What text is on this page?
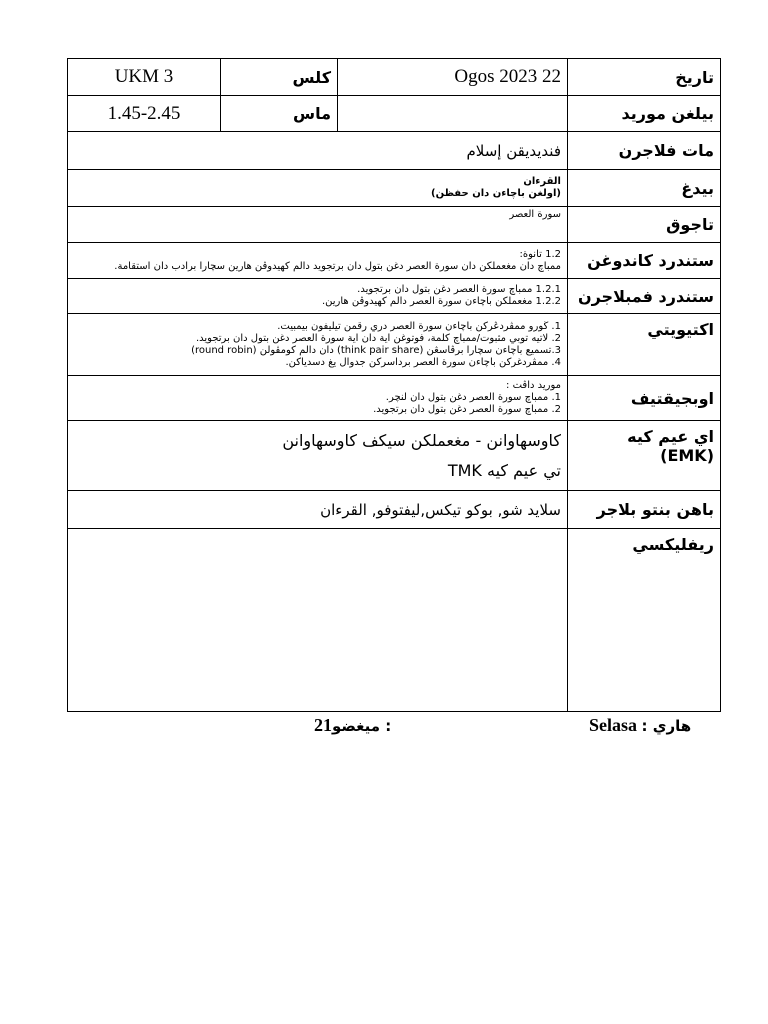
UKM 3	كلس	Ogos 2023 22	تاريخ
1.45-2.45	ماس		بيلغن موريد
فنديديقن إسلام			مات فلاجرن

القرءان
(اولغن باچاءن دان حفظن)			بيدغ
سورة العصر			تاجوق

1.2 تانوة:
ممباچ دان مغعملكن دان سورة العصر دغن بتول دان برتجويد دالم كهيدوڤن هارين سچارا برادب دان استقامة.			ستندرد كاندوغن

1.2.1 ممباچ سورة العصر دغن بتول دان برتجويد.
1.2.2 مغعملكن باچاءن سورة العصر دالم كهيدوڤن هارين.			ستندرد فمبلاجرن

1. ڬورو ممڤردڠركن باچاءن سورة العصر دري رقمن تيليفون بيمبيت.
2. لاتيه توبي مثبوت/ممباچ كلمة، فوتوغن اية دان اية سورة العصر دغن بتول دان برتجويد.
3.تسميع باچاءن سچارا برڤاسڠن (think pair share) دان دالم كومڤولن (round robin)
4. ممڤردغركن باچاءن سورة العصر برداسركن جدوال يغ دسدياكن.			اكتيويتي

موريد داڤت :
1. ممباچ سورة العصر دغن بتول دان لنچر.
2. ممباچ سورة العصر دغن بتول دان برتجويد.			اوبجيقتيف

كاوسهاوانن - مغعملكن سيكف كاوسهاوانن
تي عيم كيه TMK			اي عيم كيه (EMK)
سلايد شو, بوكو تيكس,ليفتوفو, القرءان			باهن بنتو بلاجر
			ريفليكسي
21ميغضو :	Selasa هاري :
